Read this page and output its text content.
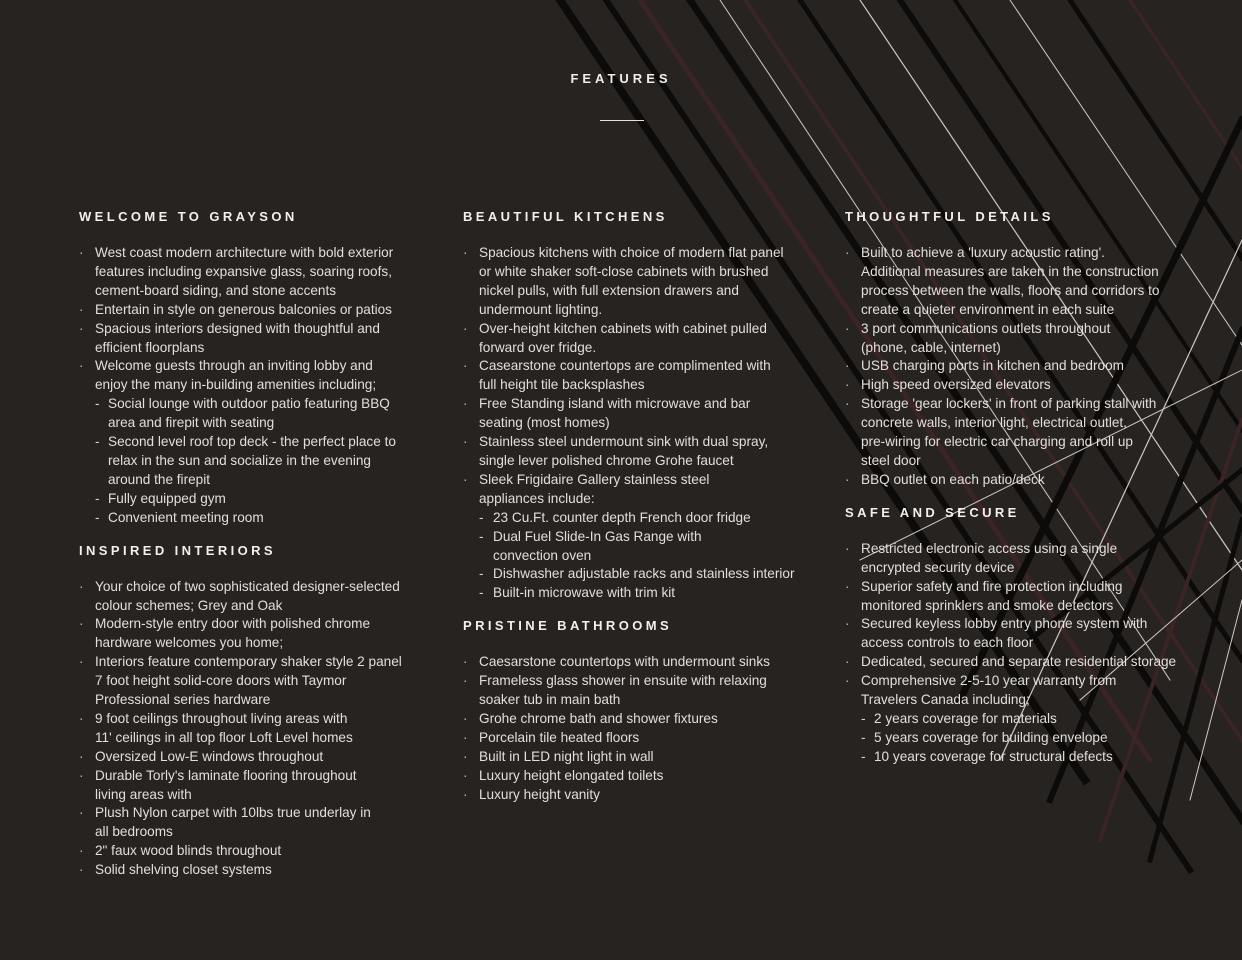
FEATURES
WELCOME TO GRAYSON
· West coast modern architecture with bold exterior
features including expansive glass, soaring roofs,
cement-board siding, and stone accents
· Entertain in style on generous balconies or patios
· Spacious interiors designed with thoughtful and
efficient floorplans
· Welcome guests through an inviting lobby and
enjoy the many in-building amenities including;
- Social lounge with outdoor patio featuring BBQ
area and firepit with seating
- Second level roof top deck - the perfect place to
relax in the sun and socialize in the evening
around the firepit
- Fully equipped gym
- Convenient meeting room
INSPIRED INTERIORS
· Your choice of two sophisticated designer-selected
colour schemes; Grey and Oak
· Modern-style entry door with polished chrome
hardware welcomes you home;
· Interiors feature contemporary shaker style 2 panel
7 foot height solid-core doors with Taymor
Professional series hardware
· 9 foot ceilings throughout living areas with
11' ceilings in all top floor Loft Level homes
· Oversized Low-E windows throughout
· Durable Torly's laminate flooring throughout
living areas with
· Plush Nylon carpet with 10lbs true underlay in
all bedrooms
· 2" faux wood blinds throughout
· Solid shelving closet systems
BEAUTIFUL KITCHENS
· Spacious kitchens with choice of modern flat panel
or white shaker soft-close cabinets with brushed
nickel pulls, with full extension drawers and
undermount lighting.
· Over-height kitchen cabinets with cabinet pulled
forward over fridge.
· Casearstone countertops are complimented with
full height tile backsplashes
· Free Standing island with microwave and bar
seating (most homes)
· Stainless steel undermount sink with dual spray,
single lever polished chrome Grohe faucet
· Sleek Frigidaire Gallery stainless steel
appliances include:
- 23 Cu.Ft. counter depth French door fridge
- Dual Fuel Slide-In Gas Range with
convection oven
- Dishwasher adjustable racks and stainless interior
- Built-in microwave with trim kit
PRISTINE BATHROOMS
· Caesarstone countertops with undermount sinks
· Frameless glass shower in ensuite with relaxing
soaker tub in main bath
· Grohe chrome bath and shower fixtures
· Porcelain tile heated floors
· Built in LED night light in wall
· Luxury height elongated toilets
· Luxury height vanity
THOUGHTFUL DETAILS
· Built to achieve a 'luxury acoustic rating'.
Additional measures are taken in the construction
process between the walls, floors and corridors to
create a quieter environment in each suite
· 3 port communications outlets throughout
(phone, cable, internet)
· USB charging ports in kitchen and bedroom
· High speed oversized elevators
· Storage 'gear lockers' in front of parking stall with
concrete walls, interior light, electrical outlet,
pre-wiring for electric car charging and roll up
steel door
· BBQ outlet on each patio/deck
SAFE AND SECURE
· Restricted electronic access using a single
encrypted security device
· Superior safety and fire protection including
monitored sprinklers and smoke detectors
· Secured keyless lobby entry phone system with
access controls to each floor
· Dedicated, secured and separate residential storage
· Comprehensive 2-5-10 year warranty from
Travelers Canada including;
- 2 years coverage for materials
- 5 years coverage for building envelope
- 10 years coverage for structural defects
